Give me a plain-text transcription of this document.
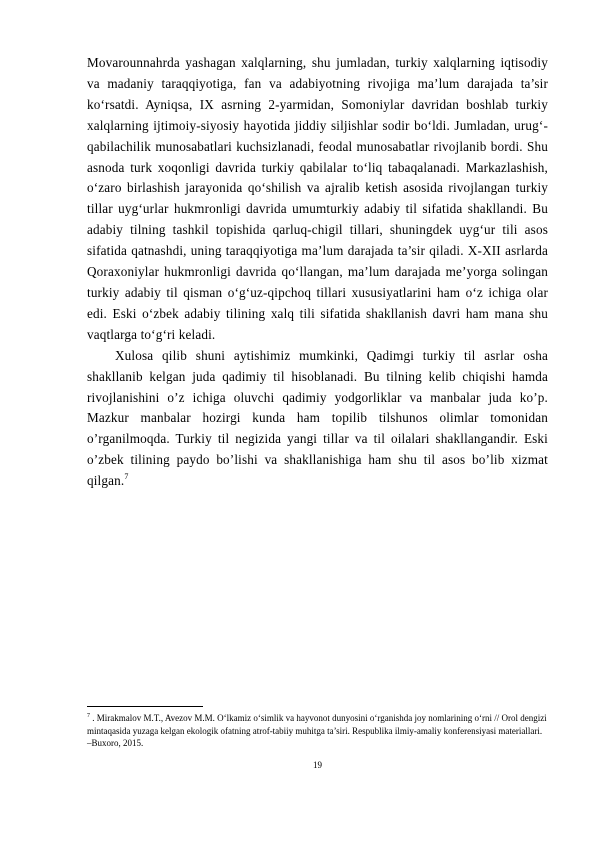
Movarounnahrda yashagan xalqlarning, shu jumladan, turkiy xalqlarning iqtisodiy va madaniy taraqqiyotiga, fan va adabiyotning rivojiga ma’lum darajada ta’sir ko‘rsatdi. Ayniqsa, IX asrning 2-yarmidan, Somoniylar davridan boshlab turkiy xalqlarning ijtimoiy-siyosiy hayotida jiddiy siljishlar sodir bo‘ldi. Jumladan, urug‘-qabilachilik munosabatlari kuchsizlanadi, feodal munosabatlar rivojlanib bordi. Shu asnoda turk xoqonligi davrida turkiy qabilalar to‘liq tabaqalanadi. Markazlashish, o‘zaro birlashish jarayonida qo‘shilish va ajralib ketish asosida rivojlangan turkiy tillar uyg‘urlar hukmronligi davrida umumturkiy adabiy til sifatida shakllandi. Bu adabiy tilning tashkil topishida qarluq-chigil tillari, shuningdek uyg‘ur tili asos sifatida qatnashdi, uning taraqqiyotiga ma’lum darajada ta’sir qiladi. X-XII asrlarda Qoraxoniylar hukmronligi davrida qo‘llangan, ma’lum darajada me’yorga solingan turkiy adabiy til qisman o‘g‘uz-qipchoq tillari xususiyatlarini ham o‘z ichiga olar edi. Eski o‘zbek adabiy tilining xalq tili sifatida shakllanish davri ham mana shu vaqtlarga to‘g‘ri keladi.

Xulosa qilib shuni aytishimiz mumkinki, Qadimgi turkiy til asrlar osha shakllanib kelgan juda qadimiy til hisoblanadi. Bu tilning kelib chiqishi hamda rivojlanishini o’z ichiga oluvchi qadimiy yodgorliklar va manbalar juda ko’p. Mazkur manbalar hozirgi kunda ham topilib tilshunos olimlar tomonidan o’rganilmoqda. Turkiy til negizida yangi tillar va til oilalari shakllangandir. Eski o’zbek tilining paydo bo’lishi va shakllanishiga ham shu til asos bo’lib xizmat qilgan.$^7$

$^7$ . Mirakmalov M.T., Avezov M.M. O‘lkamiz o‘simlik va hayvonot dunyosini o‘rganishda joy nomlarining o‘rni // Orol dengizi mintaqasida yuzaga kelgan ekologik ofatning atrof-tabiiy muhitga ta’siri. Respublika ilmiy-amaliy konferensiyasi materiallari. –Buxoro, 2015.
19
